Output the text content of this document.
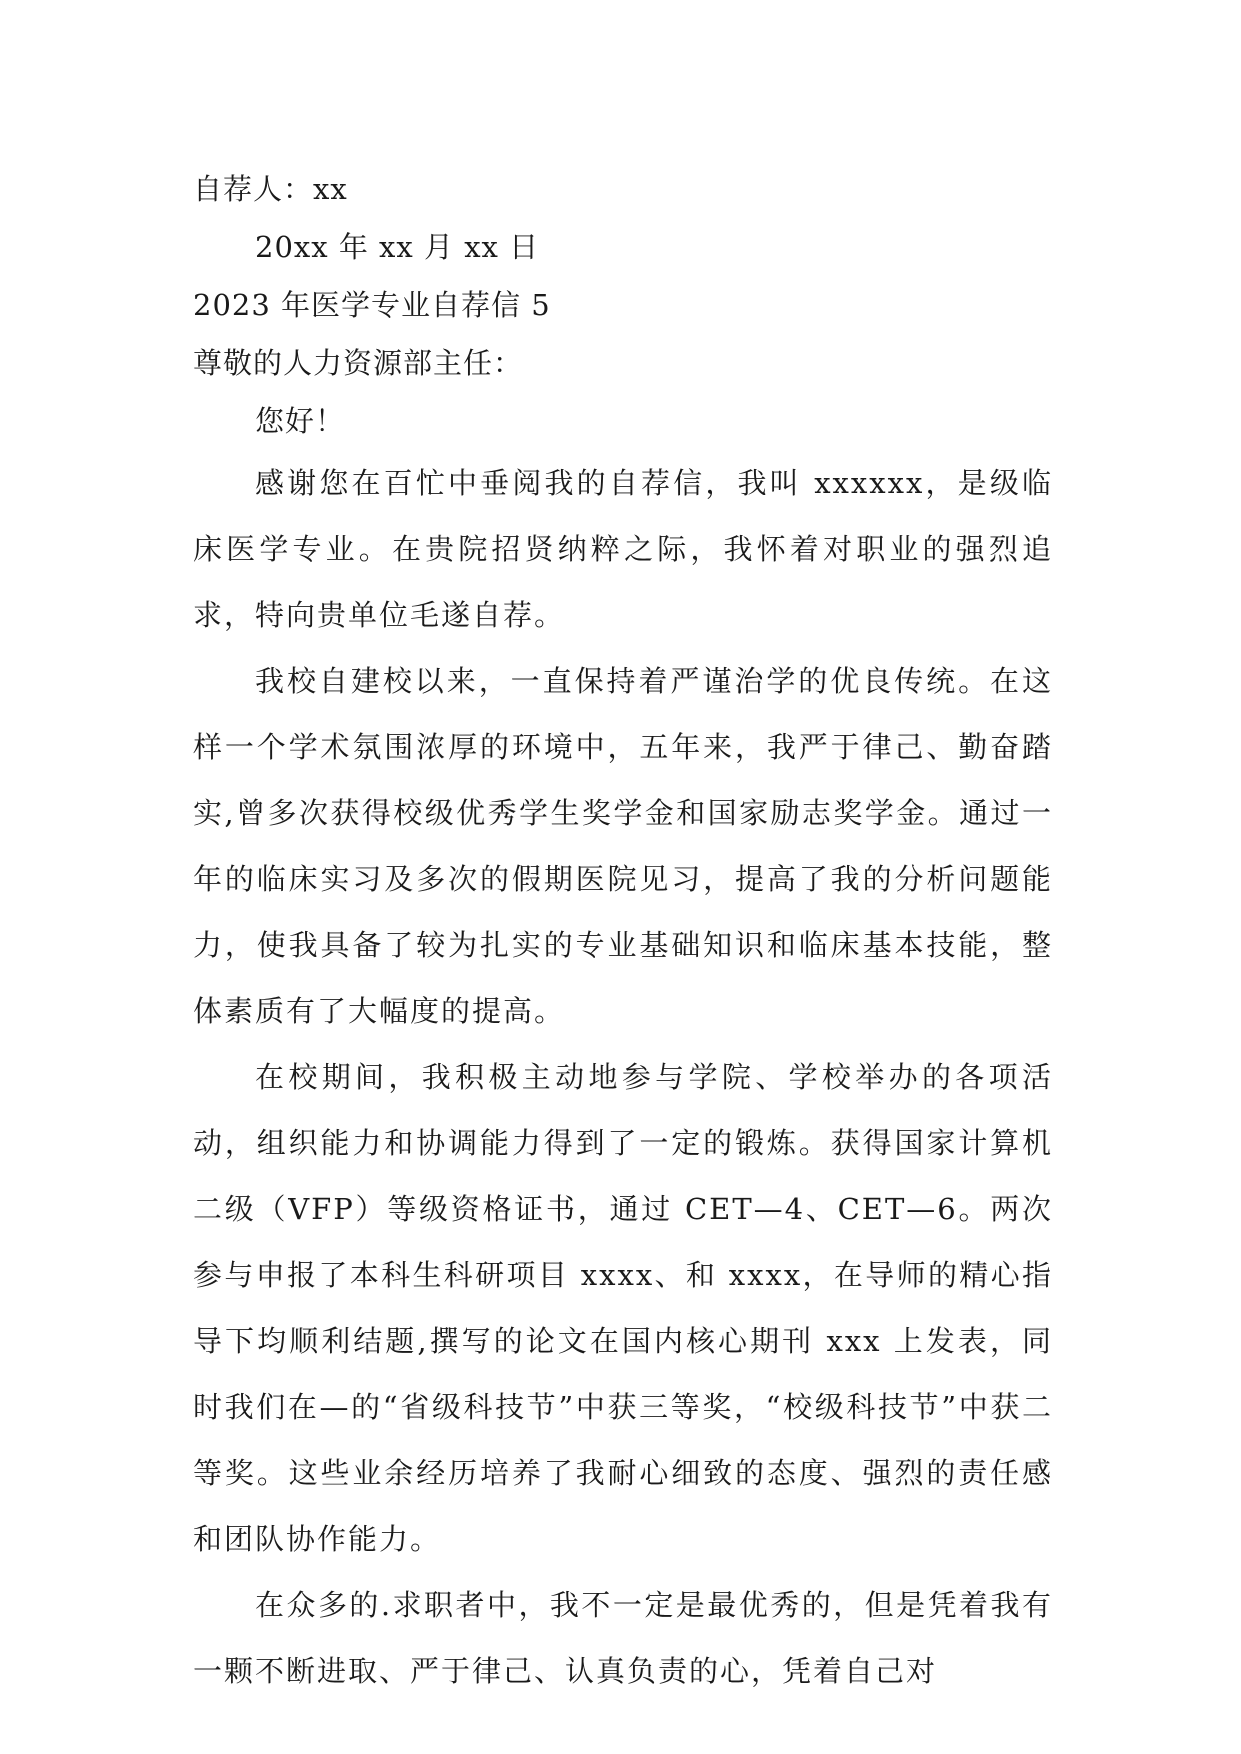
自荐人：xx
20xx 年 xx 月 xx 日
2023 年医学专业自荐信 5
尊敬的人力资源部主任：
您好！

感谢您在百忙中垂阅我的自荐信，我叫 xxxxxx，是级临床医学专业。在贵院招贤纳粹之际，我怀着对职业的强烈追求，特向贵单位毛遂自荐。

我校自建校以来，一直保持着严谨治学的优良传统。在这样一个学术氛围浓厚的环境中，五年来，我严于律己、勤奋踏实,曾多次获得校级优秀学生奖学金和国家励志奖学金。通过一年的临床实习及多次的假期医院见习，提高了我的分析问题能力，使我具备了较为扎实的专业基础知识和临床基本技能，整体素质有了大幅度的提高。

在校期间，我积极主动地参与学院、学校举办的各项活动，组织能力和协调能力得到了一定的锻炼。获得国家计算机二级（VFP）等级资格证书，通过 CET—4、CET—6。两次参与申报了本科生科研项目 xxxx、和 xxxx，在导师的精心指导下均顺利结题,撰写的论文在国内核心期刊 xxx 上发表，同时我们在—的“省级科技节”中获三等奖，“校级科技节”中获二等奖。这些业余经历培养了我耐心细致的态度、强烈的责任感和团队协作能力。

在众多的.求职者中，我不一定是最优秀的，但是凭着我有一颗不断进取、严于律己、认真负责的心，凭着自己对
